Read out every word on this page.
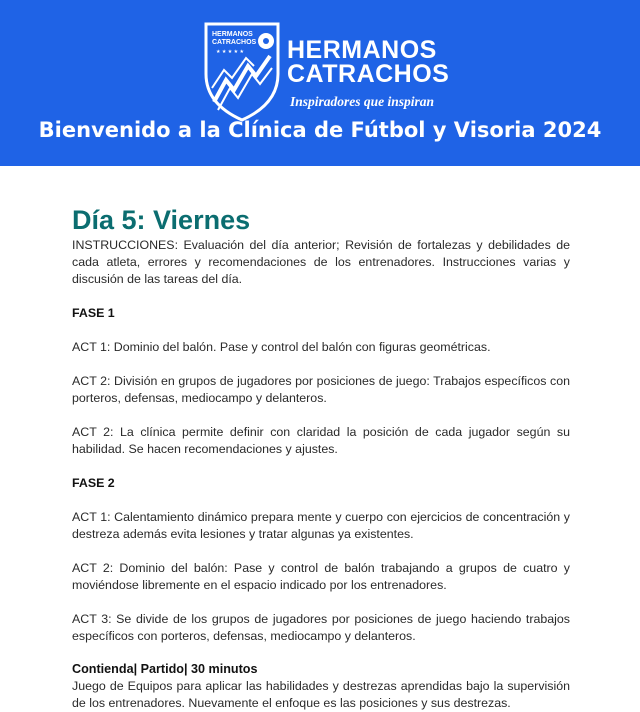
HERMANOS
CATRACHOS
★ ★ ★ ★ ★ HERMANOS
CATRACHOS
Inspiradores que inspiran
Bienvenido a la Clínica de Fútbol y Visoria 2024
Día 5: Viernes

INSTRUCCIONES: Evaluación del día anterior; Revisión de fortalezas y debilidades de cada atleta, errores y recomendaciones de los entrenadores. Instrucciones varias y discusión de las tareas del día.

FASE 1

ACT 1: Dominio del balón. Pase y control del balón con figuras geométricas.

ACT 2: División en grupos de jugadores por posiciones de juego: Trabajos específicos con porteros, defensas, mediocampo y delanteros.

ACT 2: La clínica permite definir con claridad la posición de cada jugador según su habilidad. Se hacen recomendaciones y ajustes.

FASE 2

ACT 1: Calentamiento dinámico prepara mente y cuerpo con ejercicios de concentración y destreza además evita lesiones y tratar algunas ya existentes.

ACT 2: Dominio del balón: Pase y control de balón trabajando a grupos de cuatro y moviéndose libremente en el espacio indicado por los entrenadores.

ACT 3: Se divide de los grupos de jugadores por posiciones de juego haciendo trabajos específicos con porteros, defensas, mediocampo y delanteros.

Contienda| Partido| 30 minutos

Juego de Equipos para aplicar las habilidades y destrezas aprendidas bajo la supervisión de los entrenadores. Nuevamente el enfoque es las posiciones y sus destrezas.
